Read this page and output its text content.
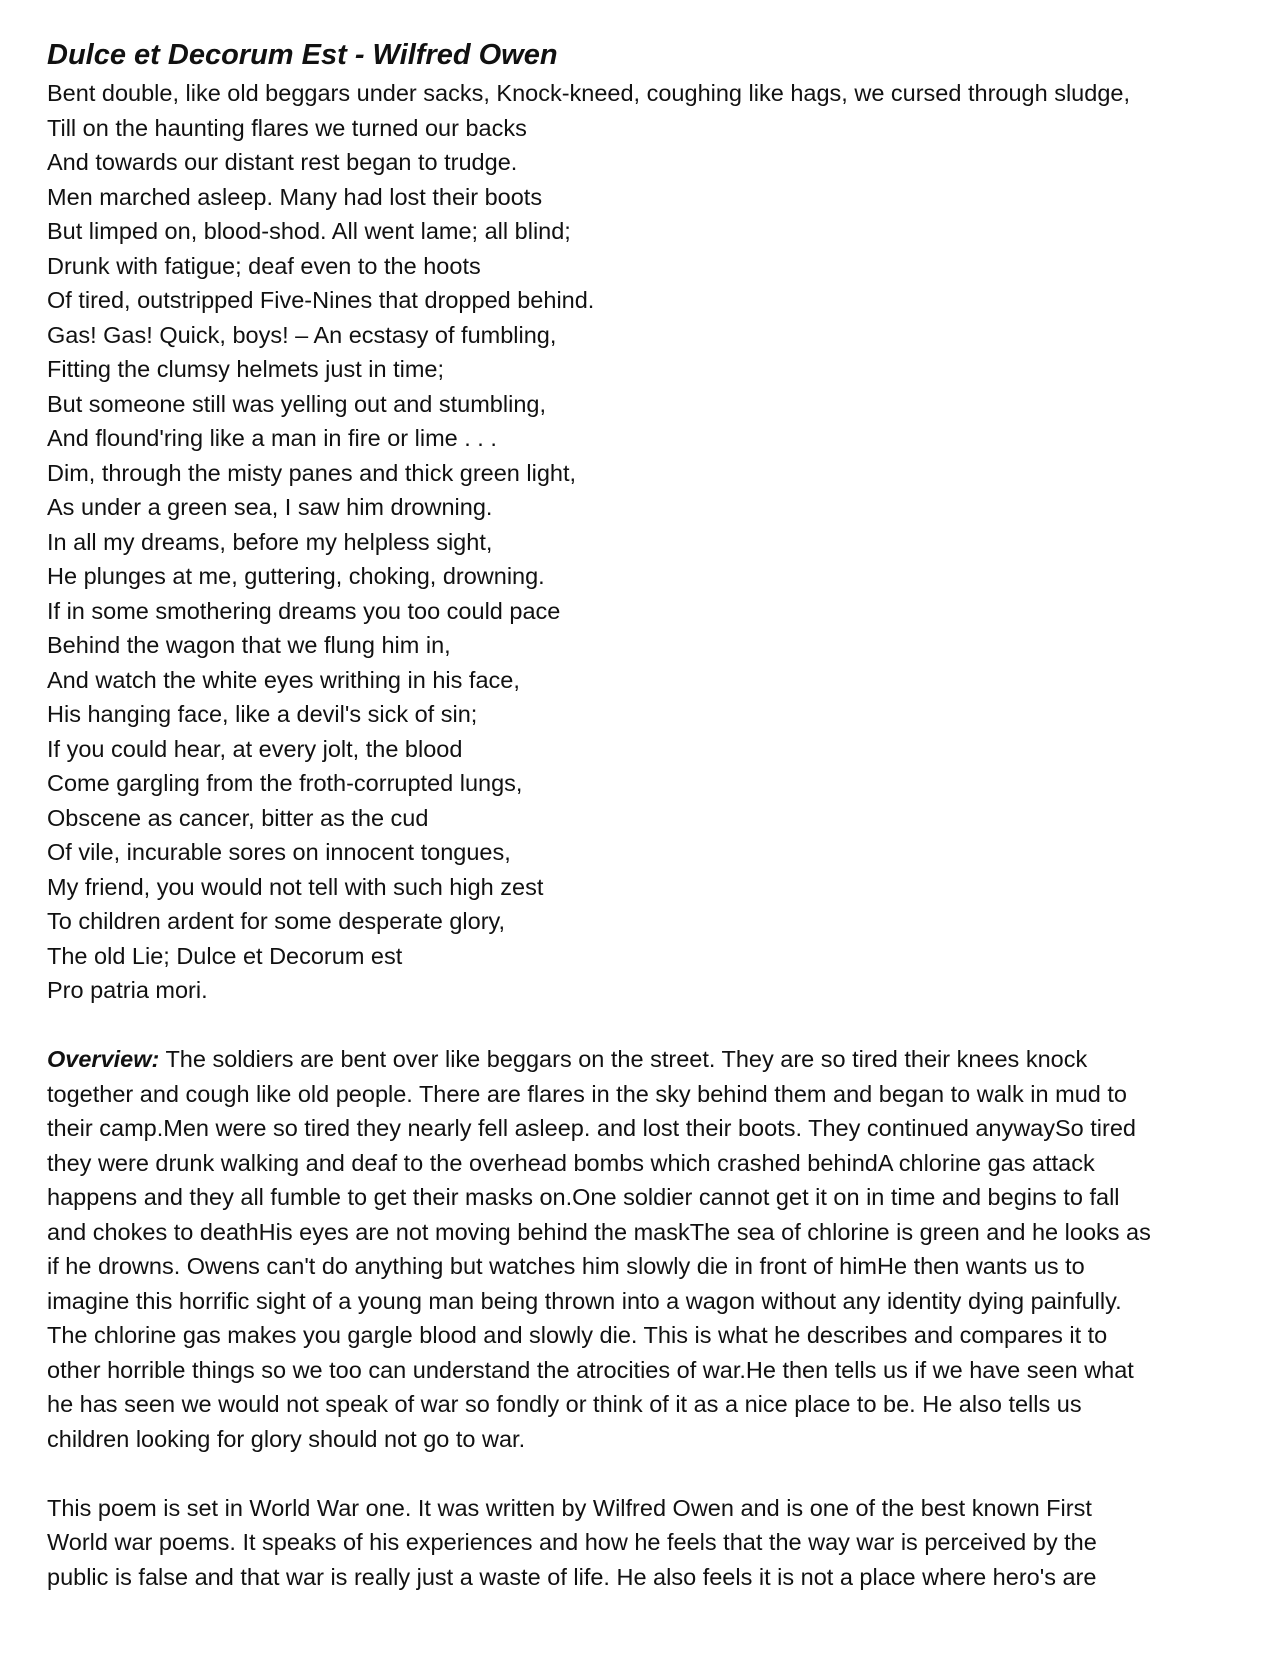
Dulce et Decorum Est - Wilfred Owen
Bent double, like old beggars under sacks, Knock-kneed, coughing like hags, we cursed through sludge,
Till on the haunting flares we turned our backs
And towards our distant rest began to trudge.
Men marched asleep. Many had lost their boots
But limped on, blood-shod. All went lame; all blind;
Drunk with fatigue; deaf even to the hoots
Of tired, outstripped Five-Nines that dropped behind.
Gas! Gas! Quick, boys! – An ecstasy of fumbling,
Fitting the clumsy helmets just in time;
But someone still was yelling out and stumbling,
And flound'ring like a man in fire or lime . . .
Dim, through the misty panes and thick green light,
As under a green sea, I saw him drowning.
In all my dreams, before my helpless sight,
He plunges at me, guttering, choking, drowning.
If in some smothering dreams you too could pace
Behind the wagon that we flung him in,
And watch the white eyes writhing in his face,
His hanging face, like a devil's sick of sin;
If you could hear, at every jolt, the blood
Come gargling from the froth-corrupted lungs,
Obscene as cancer, bitter as the cud
Of vile, incurable sores on innocent tongues,
My friend, you would not tell with such high zest
To children ardent for some desperate glory,
The old Lie; Dulce et Decorum est
Pro patria mori.
Overview: The soldiers are bent over like beggars on the street. They are so tired their knees knock
together and cough like old people. There are flares in the sky behind them and began to walk in mud to
their camp.Men were so tired they nearly fell asleep. and lost their boots. They continued anywaySo tired
they were drunk walking and deaf to the overhead bombs which crashed behindA chlorine gas attack
happens and they all fumble to get their masks on.One soldier cannot get it on in time and begins to fall
and chokes to deathHis eyes are not moving behind the maskThe sea of chlorine is green and he looks as
if he drowns. Owens can't do anything but watches him slowly die in front of himHe then wants us to
imagine this horrific sight of a young man being thrown into a wagon without any identity dying painfully.
The chlorine gas makes you gargle blood and slowly die. This is what he describes and compares it to
other horrible things so we too can understand the atrocities of war.He then tells us if we have seen what
he has seen we would not speak of war so fondly or think of it as a nice place to be. He also tells us
children looking for glory should not go to war.
This poem is set in World War one. It was written by Wilfred Owen and is one of the best known First
World war poems. It speaks of his experiences and how he feels that the way war is perceived by the
public is false and that war is really just a waste of life. He also feels it is not a place where hero's are
